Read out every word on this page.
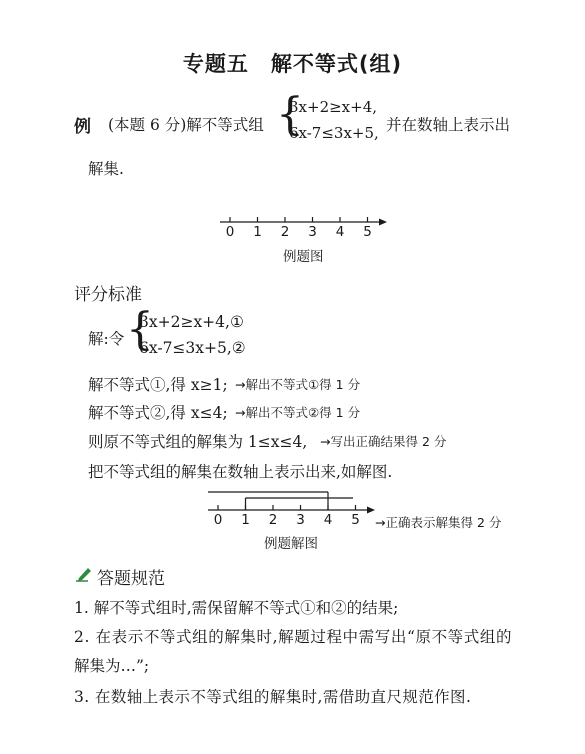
专题五　解不等式(组)
例 (本题 6 分)解不等式组 {
3x+2≥x+4,
6x-7≤3x+5, 并在数轴上表示出
解集.
0 1 2 3 4 5
例题图
评分标准
解:令 {
3x+2≥x+4,①
6x-7≤3x+5,②
解不等式①,得 x≥1; →解出不等式①得 1 分
解不等式②,得 x≤4; →解出不等式②得 1 分
则原不等式组的解集为 1≤x≤4, →写出正确结果得 2 分
把不等式组的解集在数轴上表示出来,如解图.
0 1 2 3 4 5 →正确表示解集得 2 分
例题解图
答题规范
1. 解不等式组时,需保留解不等式①和②的结果;
2. 在表示不等式组的解集时,解题过程中需写出“原不等式组的
解集为…”;
3. 在数轴上表示不等式组的解集时,需借助直尺规范作图.
